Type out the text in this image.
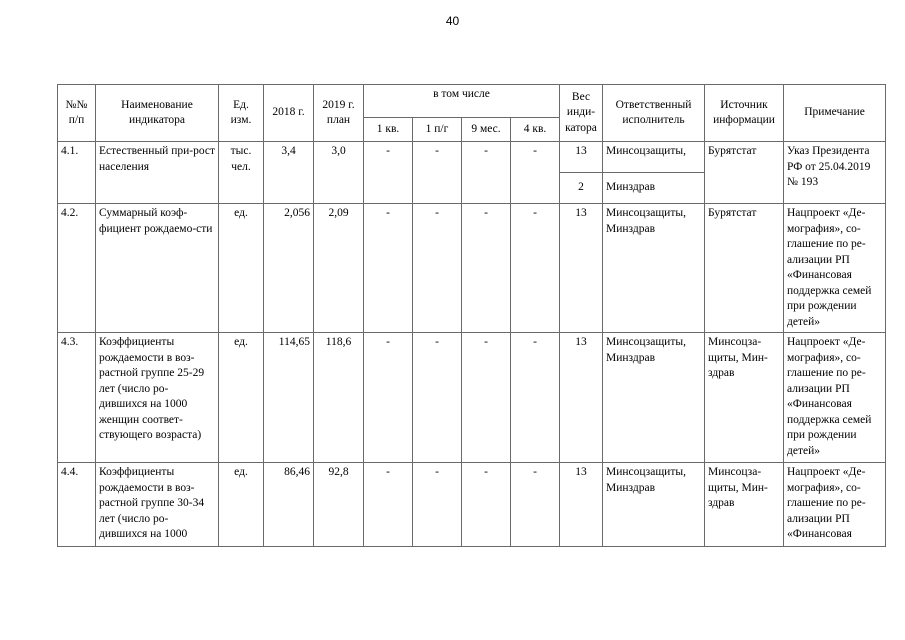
40
№№ п/п	Наименование индикатора	Ед. изм.	2018 г.	2019 г. план	в том числе				Вес инди-катора	Ответственный исполнитель	Источник информации	Примечание
					1 кв.	1 п/г	9 мес.	4 кв.				
4.1.	Естественный при-рост населения	тыс. чел.	3,4	3,0	-	-	-	-	13	Минсоцзащиты,	Бурятстат	Указ Президента РФ от 25.04.2019 № 193
									2	Минздрав		
4.2.	Суммарный коэф-фициент рождаемо-сти	ед.	2,056	2,09	-	-	-	-	13	Минсоцзащиты, Минздрав	Бурятстат	Нацпроект «Де-мография», со-глашение по ре-ализации РП «Финансовая поддержка семей при рождении детей»
4.3.	Коэффициенты рождаемости в воз-растной группе 25-29 лет (число ро-дившихся на 1000 женщин соответ-ствующего возраста)	ед.	114,65	118,6	-	-	-	-	13	Минсоцзащиты, Минздрав	Минсоцза-щиты, Мин-здрав	Нацпроект «Де-мография», со-глашение по ре-ализации РП «Финансовая поддержка семей при рождении детей»
4.4.	Коэффициенты рождаемости в воз-растной группе 30-34 лет (число ро-дившихся на 1000	ед.	86,46	92,8	-	-	-	-	13	Минсоцзащиты, Минздрав	Минсоцза-щиты, Мин-здрав	Нацпроект «Де-мография», со-глашение по ре-ализации РП «Финансовая
